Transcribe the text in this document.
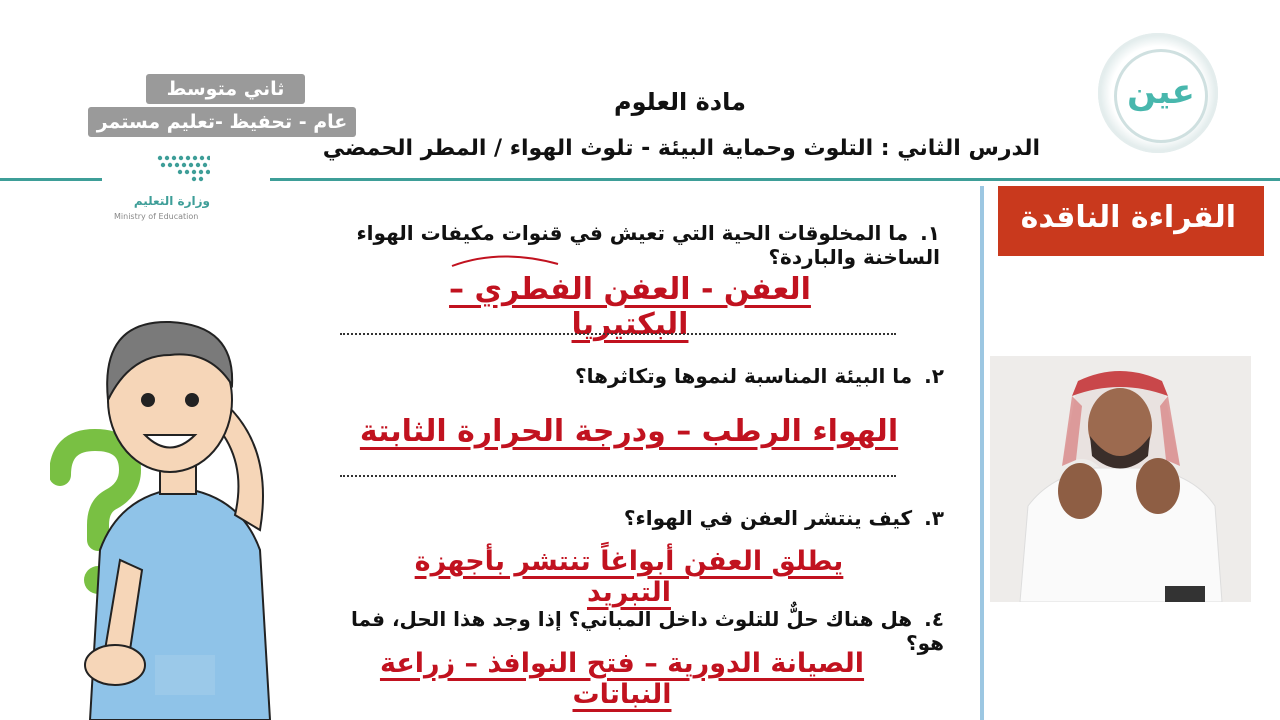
ثاني متوسط
عام - تحفيظ -تعليم مستمر
مادة العلوم
الدرس الثاني : التلوث وحماية البيئة - تلوث الهواء / المطر الحمضي
وزارة التعليم
Ministry of Education
عين
القراءة الناقدة
١.ما المخلوقات الحية التي تعيش في قنوات مكيفات الهواء الساخنة والباردة؟
العفن - العفن الفطري – البكتيريا
٢.ما البيئة المناسبة لنموها وتكاثرها؟
الهواء الرطب – ودرجة الحرارة الثابتة
٣.كيف ينتشر العفن في الهواء؟
يطلق العفن أبواغاً تنتشر بأجهزة التبريد
٤.هل هناك حلٌّ للتلوث داخل المباني؟ إذا وجد هذا الحل، فما هو؟
الصيانة الدورية – فتح النوافذ – زراعة النباتات
